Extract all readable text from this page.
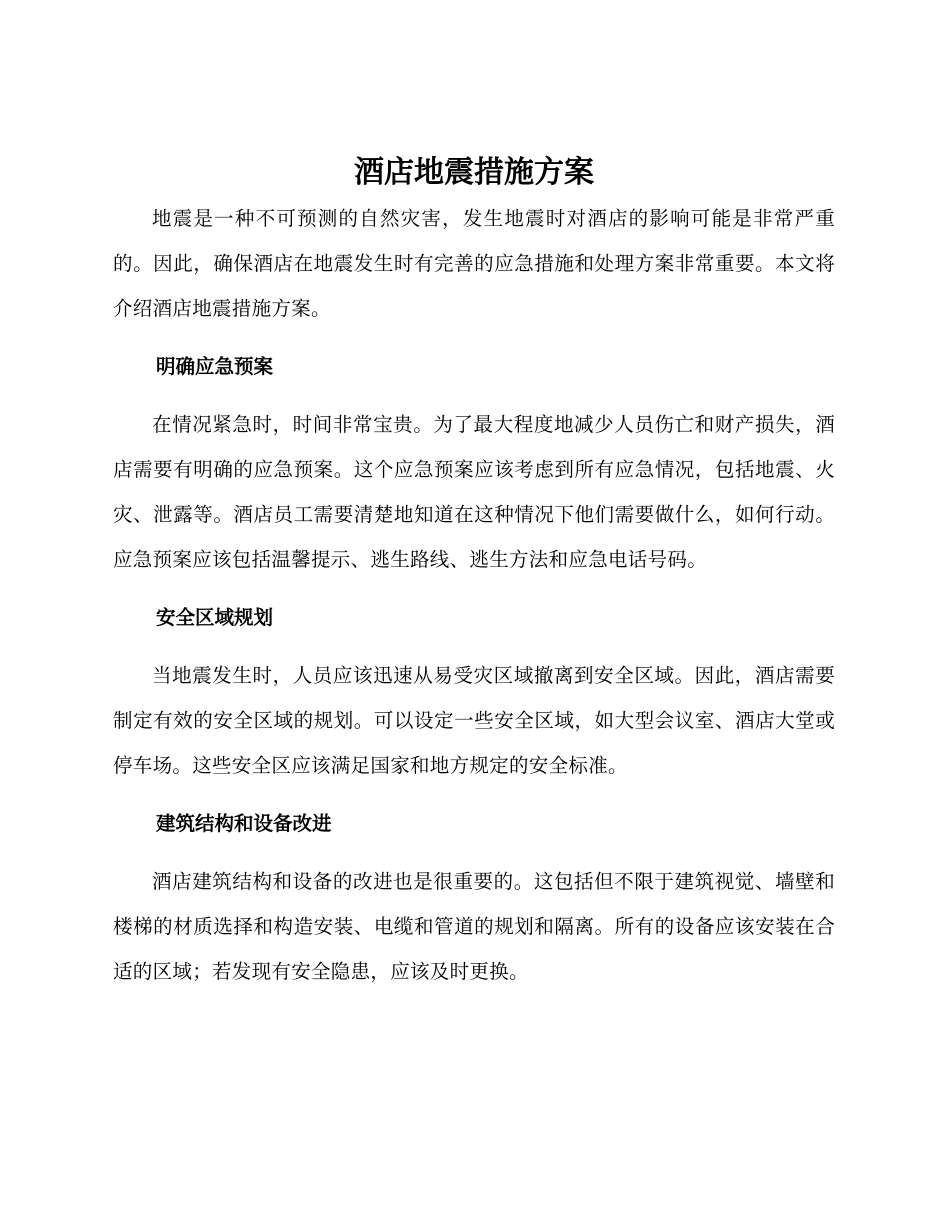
酒店地震措施方案

地震是一种不可预测的自然灾害，发生地震时对酒店的影响可能是非常严重的。因此，确保酒店在地震发生时有完善的应急措施和处理方案非常重要。本文将介绍酒店地震措施方案。

明确应急预案

在情况紧急时，时间非常宝贵。为了最大程度地减少人员伤亡和财产损失，酒店需要有明确的应急预案。这个应急预案应该考虑到所有应急情况，包括地震、火灾、泄露等。酒店员工需要清楚地知道在这种情况下他们需要做什么，如何行动。应急预案应该包括温馨提示、逃生路线、逃生方法和应急电话号码。

安全区域规划

当地震发生时，人员应该迅速从易受灾区域撤离到安全区域。因此，酒店需要制定有效的安全区域的规划。可以设定一些安全区域，如大型会议室、酒店大堂或停车场。这些安全区应该满足国家和地方规定的安全标准。

建筑结构和设备改进

酒店建筑结构和设备的改进也是很重要的。这包括但不限于建筑视觉、墙壁和楼梯的材质选择和构造安装、电缆和管道的规划和隔离。所有的设备应该安装在合适的区域；若发现有安全隐患，应该及时更换。
